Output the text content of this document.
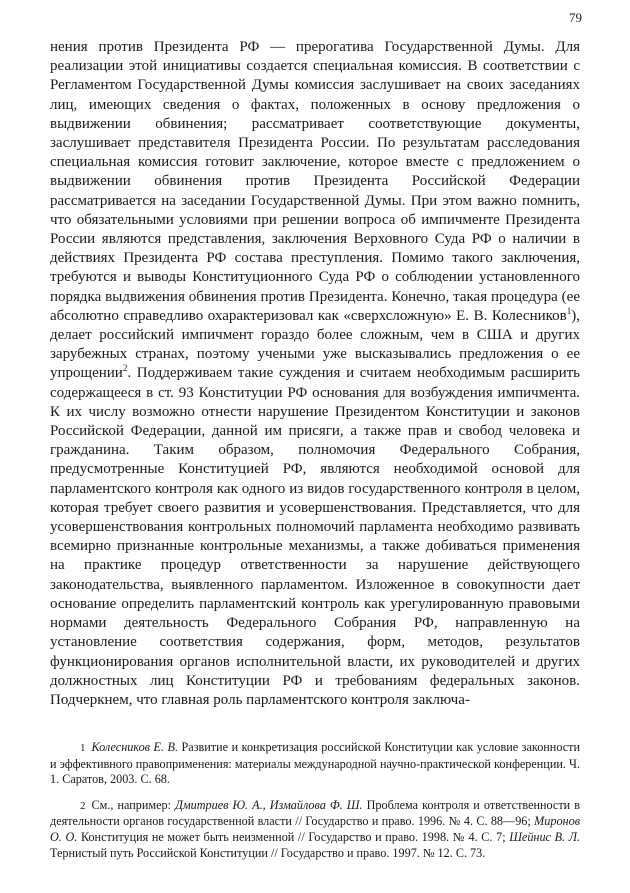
79

нения против Президента РФ — прерогатива Государственной Думы. Для реализации этой инициативы создается специальная комиссия. В соответствии с Регламентом Государственной Думы комиссия заслушивает на своих заседаниях лиц, имеющих сведения о фактах, положенных в основу предложения о выдвижении обвинения; рассматривает соответствующие документы, заслушивает представителя Президента России. По результатам расследования специальная комиссия готовит заключение, которое вместе с предложением о выдвижении обвинения против Президента Российской Федерации рассматривается на заседании Государственной Думы. При этом важно помнить, что обязательными условиями при решении вопроса об импичменте Президента России являются представления, заключения Верховного Суда РФ о наличии в действиях Президента РФ состава преступления. Помимо такого заключения, требуются и выводы Конституционного Суда РФ о соблюдении установленного порядка выдвижения обвинения против Президента. Конечно, такая процедура (ее абсолютно справедливо охарактеризовал как «сверхсложную» Е. В. Колесников$^1$), делает российский импичмент гораздо более сложным, чем в США и других зарубежных странах, поэтому учеными уже высказывались предложения о ее упрощении$^2$. Поддерживаем такие суждения и считаем необходимым расширить содержащееся в ст. 93 Конституции РФ основания для возбуждения импичмента. К их числу возможно отнести нарушение Президентом Конституции и законов Российской Федерации, данной им присяги, а также прав и свобод человека и гражданина. Таким образом, полномочия Федерального Собрания, предусмотренные Конституцией РФ, являются необходимой основой для парламентского контроля как одного из видов государственного контроля в целом, которая требует своего развития и усовершенствования. Представляется, что для усовершенствования контрольных полномочий парламента необходимо развивать всемирно признанные контрольные механизмы, а также добиваться применения на практике процедур ответственности за нарушение действующего законодательства, выявленного парламентом. Изложенное в совокупности дает основание определить парламентский контроль как урегулированную правовыми нормами деятельность Федерального Собрания РФ, направленную на установление соответствия содержания, форм, методов, результатов функционирования органов исполнительной власти, их руководителей и других должностных лиц Конституции РФ и требованиям федеральных законов. Подчеркнем, что главная роль парламентского контроля заключа-

1 Колесников Е. В. Развитие и конкретизация российской Конституции как условие законности и эффективного правоприменения: материалы международной научно-практической конференции. Ч. 1. Саратов, 2003. С. 68.

2 См., например: Дмитриев Ю. А., Измайлова Ф. Ш. Проблема контроля и ответственности в деятельности органов государственной власти // Государство и право. 1996. № 4. С. 88—96; Миронов О. О. Конституция не может быть неизменной // Государство и право. 1998. № 4. С. 7; Шейнис В. Л. Тернистый путь Российской Конституции // Государство и право. 1997. № 12. С. 73.
